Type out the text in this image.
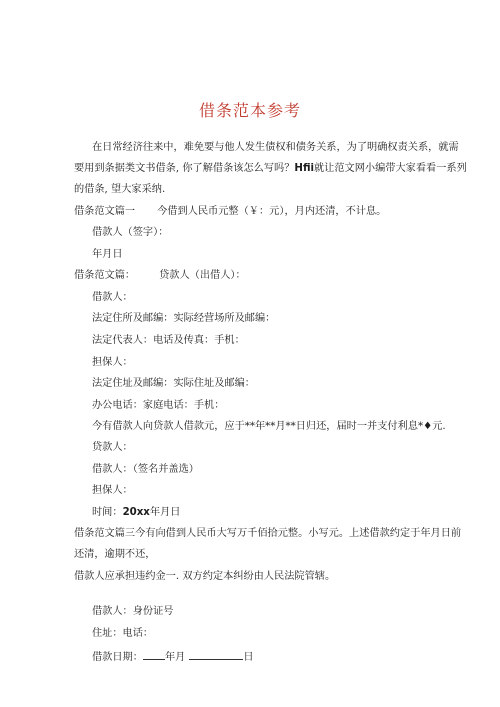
借条范本参考
在日常经济往来中，难免要与他人发生债权和债务关系，为了明确权责关系，就需
要用到条据类文书借条, 你了解借条该怎么写吗？Hfii就让范文网小编带大家看看一系列
的借条, 望大家采纳.
借条范文篇一 今借到人民币元整（￥：元），月内还清，不计息。
借款人（签字）：
年月日
借条范文篇： 贷款人（出借人）：
借款人：
法定住所及邮编：实际经营场所及邮编：
法定代表人：电话及传真：手机：
担保人：
法定住址及邮编：实际住址及邮编：
办公电话：家庭电话：手机：
今有借款人向贷款人借款元，应于**年**月**日归还，届时一并支付利息*♦元.
贷款人：
借款人：（签名并盖选）
担保人：
时间：20xx年月日
借条范文篇三今有向借到人民币大写万千佰拾元整。小写元。上述借款约定于年月日前
还清，逾期不还，
借款人应承担违约金一. 双方约定本纠纷由人民法院管辖。
借款人：身份证号
住址：电话：
借款日期： 年月	日
